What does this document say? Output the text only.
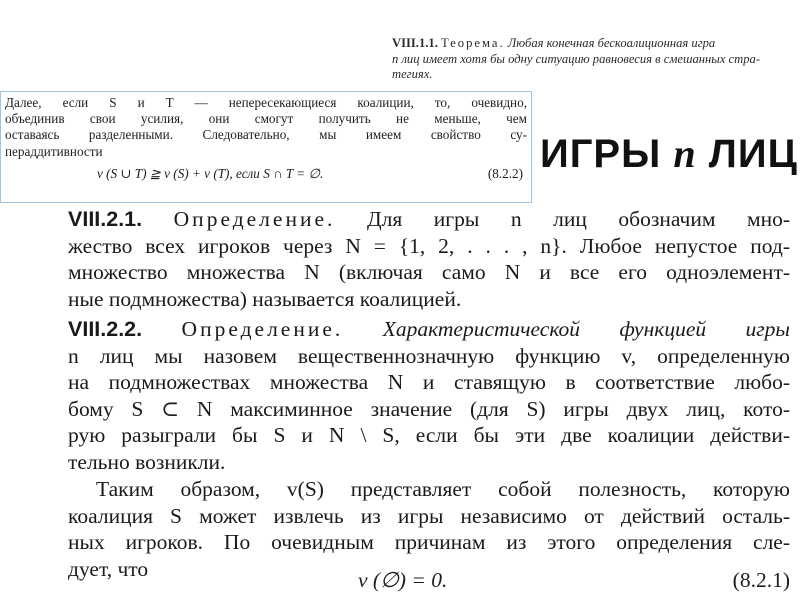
VIII.1.1. Теорема. Любая конечная бескоалиционная игра
n лиц имеет хотя бы одну ситуацию равновесия в смешанных стра-
тегиях.
Далее, если S и T — непересекающиеся коалиции, то, очевидно,
объединив свои усилия, они смогут получить не меньше, чем
оставаясь разделенными. Следовательно, мы имеем свойство су-
пераддитивности
v (S ∪ T) ≧ v (S) + v (T), если S ∩ T = ∅.	(8.2.2) ИГРЫ n ЛИЦ
VIII.2.1. Определение. Для игры n лиц обозначим мно-
жество всех игроков через N = {1, 2, . . . , n}. Любое непустое под-
множество множества N (включая само N и все его одноэлемент-
ные подмножества) называется коалицией.
VIII.2.2. Определение. Характеристической функцией игры
n лиц мы назовем вещественнозначную функцию v, определенную
на подмножествах множества N и ставящую в соответствие любо-
бому S ⊂ N максиминное значение (для S) игры двух лиц, кото-
рую разыграли бы S и N \ S, если бы эти две коалиции действи-
тельно возникли.
Таким образом, v(S) представляет собой полезность, которую
коалиция S может извлечь из игры независимо от действий осталь-
ных игроков. По очевидным причинам из этого определения сле-
дует, что	v (∅) = 0.	(8.2.1)
